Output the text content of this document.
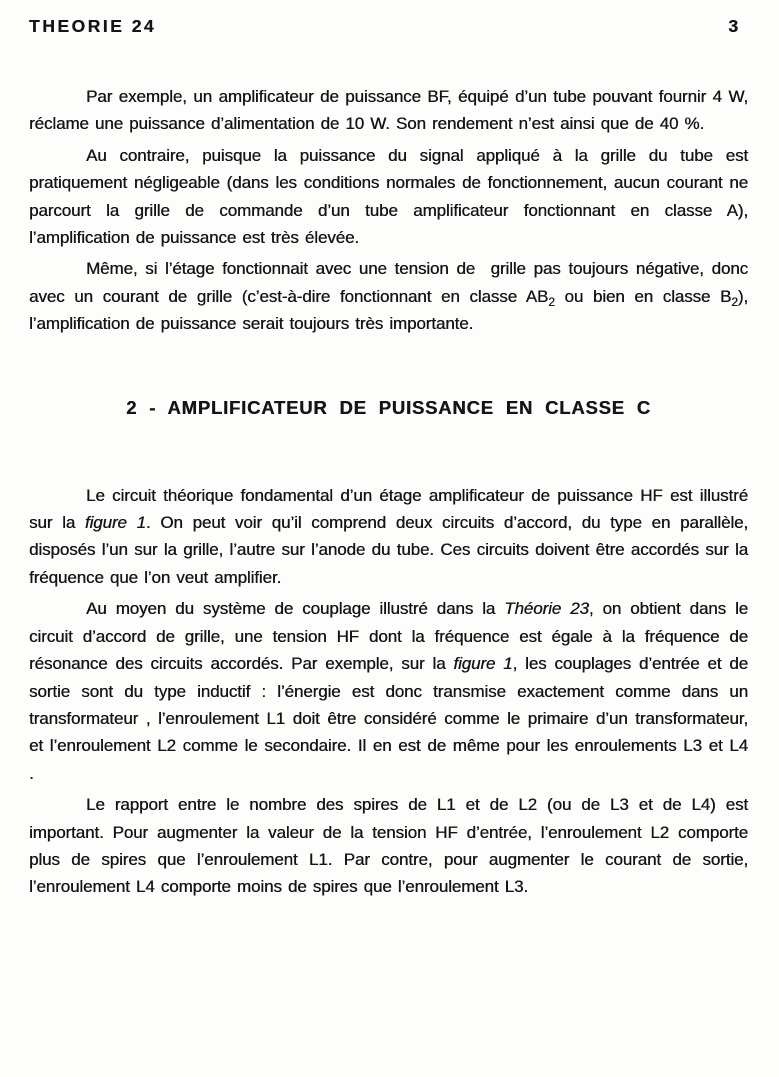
THEORIE 24	3

Par exemple, un amplificateur de puissance BF, équipé d’un tube pouvant fournir 4 W, réclame une puissance d’alimentation de 10 W. Son rendement n’est ainsi que de 40 %.

Au contraire, puisque la puissance du signal appliqué à la grille du tube est pratiquement négligeable (dans les conditions normales de fonctionnement, aucun courant ne parcourt la grille de commande d’un tube amplificateur fonctionnant en classe A), l’amplification de puissance est très élevée.

Même, si l’étage fonctionnait avec une tension de  grille pas toujours négative, donc avec un courant de grille (c’est-à-dire fonctionnant en classe $AB_2$ ou bien en classe $B_2$), l’amplification de puissance serait toujours très importante.

2 - AMPLIFICATEUR DE PUISSANCE EN CLASSE C

Le circuit théorique fondamental d’un étage amplificateur de puissance HF est illustré sur la figure 1. On peut voir qu’il comprend deux circuits d’accord, du type en parallèle, disposés l’un sur la grille, l’autre sur l’anode du tube. Ces circuits doivent être accordés sur la fréquence que l’on veut amplifier.

Au moyen du système de couplage illustré dans la Théorie 23, on obtient dans le circuit d’accord de grille, une tension HF dont la fréquence est égale à la fréquence de résonance des circuits accordés. Par exemple, sur la figure 1, les couplages d’entrée et de sortie sont du type inductif : l’énergie est donc transmise exactement comme dans un transformateur , l’enroulement L1 doit être considéré comme le primaire d’un transformateur, et l’enroulement L2 comme le secondaire. Il en est de même pour les enroulements L3 et L4 .

Le rapport entre le nombre des spires de L1 et de L2 (ou de L3 et de L4) est important. Pour augmenter la valeur de la tension HF d’entrée, l’enroulement L2 comporte plus de spires que l’enroulement L1. Par contre, pour augmenter le courant de sortie, l’enroulement L4 comporte moins de spires que l’enroulement L3.
